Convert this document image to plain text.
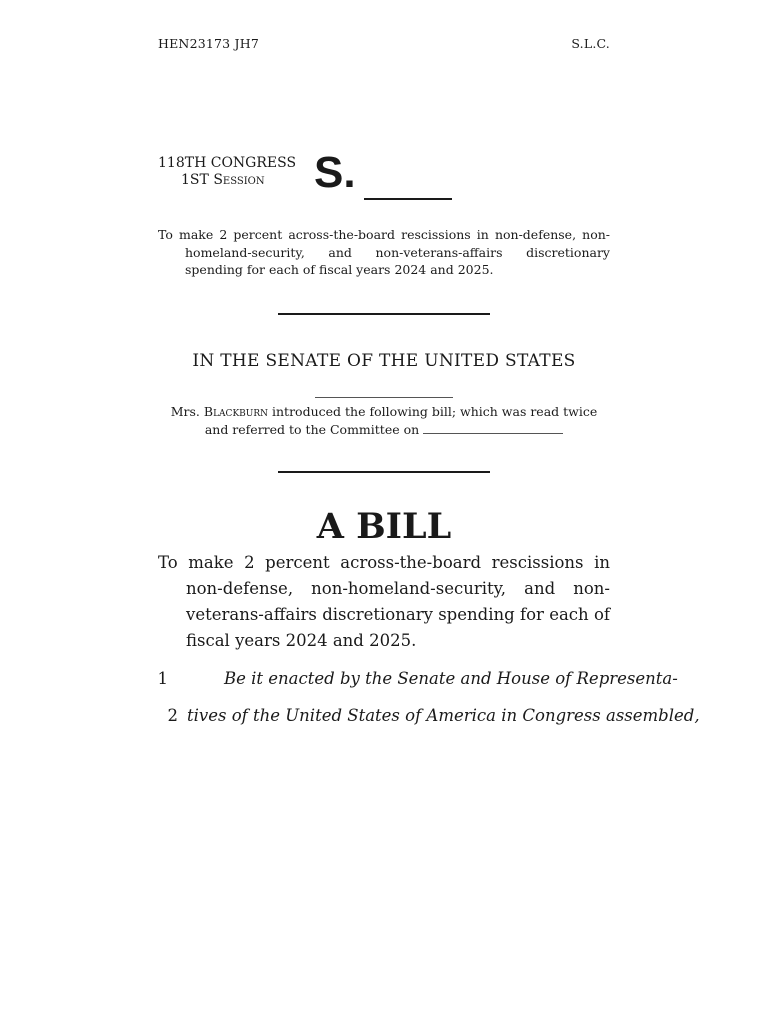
HEN23173 JH7	S.L.C.
118TH CONGRESS
1ST Session	S.
To make 2 percent across-the-board rescissions in non-defense, non-homeland-security, and non-veterans-affairs discretionary spending for each of fiscal years 2024 and 2025.
IN THE SENATE OF THE UNITED STATES
Mrs. Blackburn introduced the following bill; which was read twice and referred to the Committee on
A BILL
To make 2 percent across-the-board rescissions in non-defense, non-homeland-security, and non-veterans-affairs discretionary spending for each of fiscal years 2024 and 2025.
1	Be it enacted by the Senate and House of Representa-
2 tives of the United States of America in Congress assembled,
